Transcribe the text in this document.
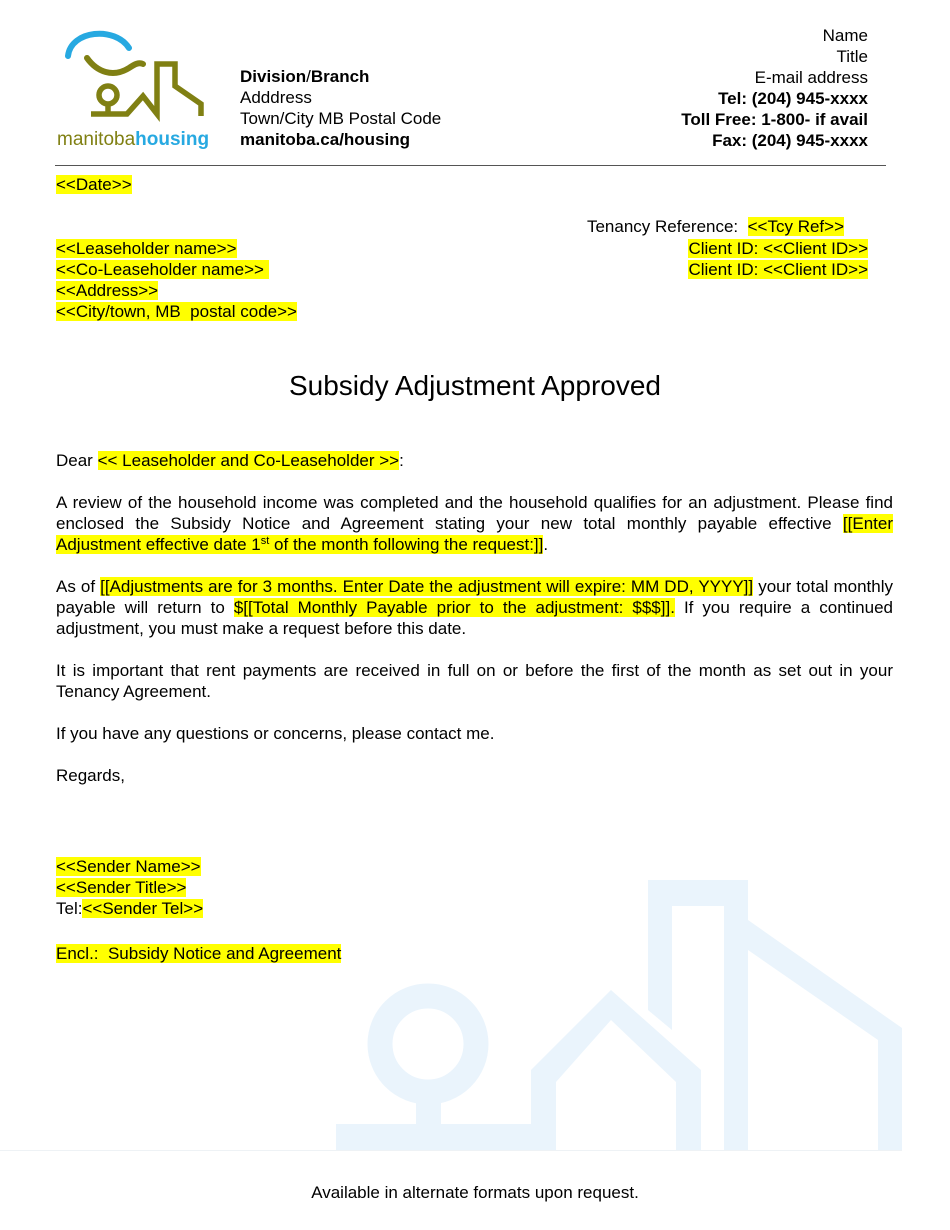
manitobahousing
Division/Branch
Adddress
Town/City MB Postal Code
manitoba.ca/housing
Name
Title
E-mail address
Tel: (204) 945-xxxx
Toll Free: 1-800- if avail
Fax: (204) 945-xxxx
<<Date>>
Tenancy Reference:  <<Tcy Ref>>
Client ID: <<Client ID>>
Client ID: <<Client ID>>
<<Leaseholder name>>
<<Co-Leaseholder name>>
<<Address>>
<<City/town, MB  postal code>>
Subsidy Adjustment Approved

Dear << Leaseholder and Co-Leaseholder >>:

A review of the household income was completed and the household qualifies for an adjustment. Please find enclosed the Subsidy Notice and Agreement stating your new total monthly payable effective [[Enter Adjustment effective date 1st of the month following the request:]].

As of [[Adjustments are for 3 months. Enter Date the adjustment will expire: MM DD, YYYY]] your total monthly payable will return to $[[Total Monthly Payable prior to the adjustment: $$$]]. If you require a continued adjustment, you must make a request before this date.

It is important that rent payments are received in full on or before the first of the month as set out in your Tenancy Agreement.

If you have any questions or concerns, please contact me.

Regards,

<<Sender Name>>
<<Sender Title>>
Tel:<<Sender Tel>>
Encl.:  Subsidy Notice and Agreement
Available in alternate formats upon request.
